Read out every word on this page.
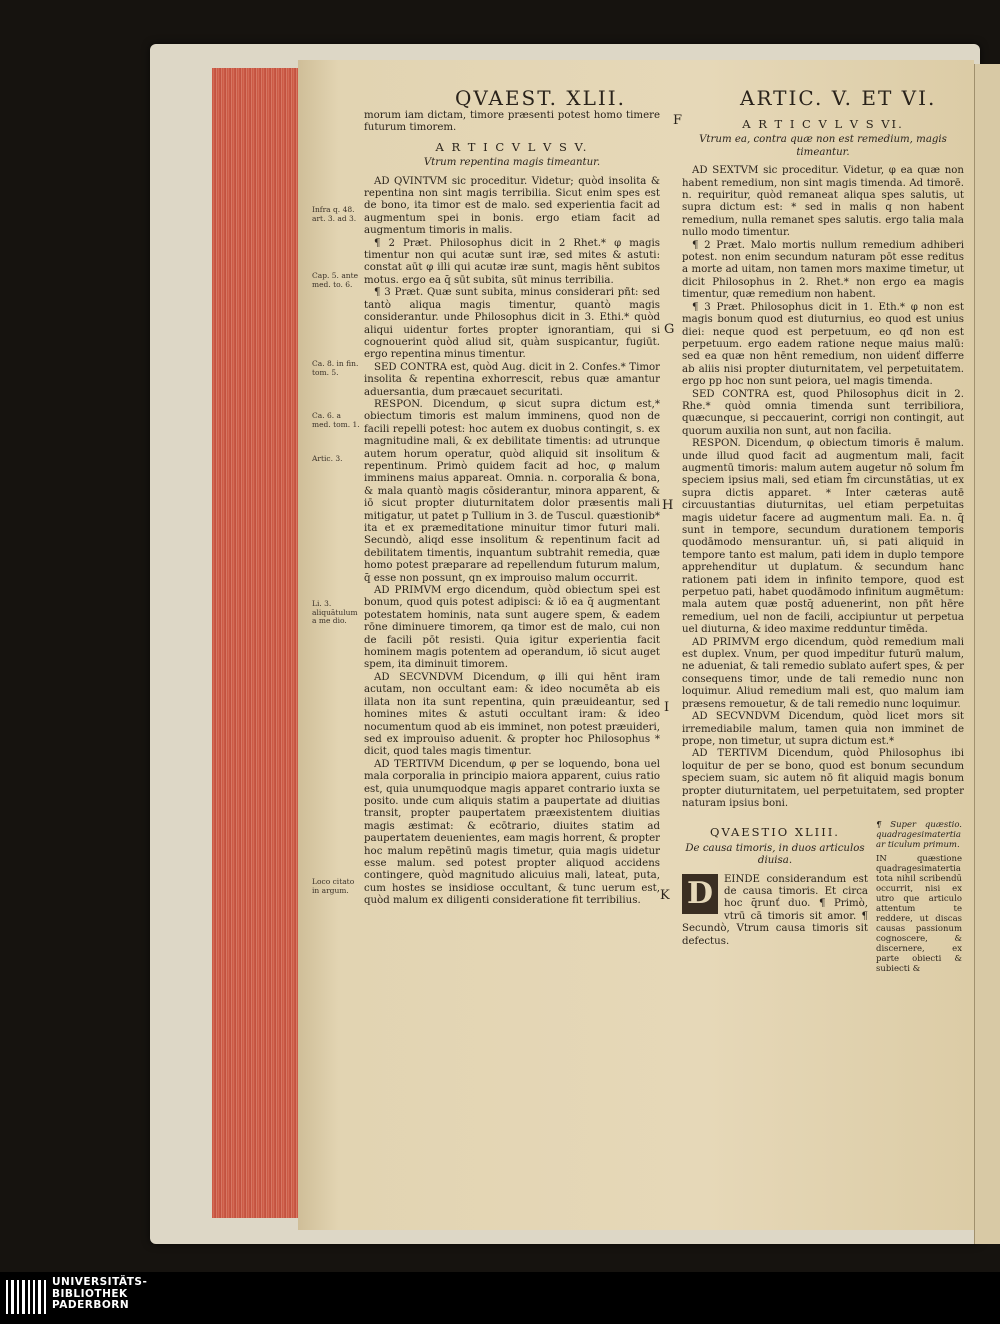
QVAEST. XLII.	ARTIC. V. ET VI.
Infra q. 48. art. 3. ad 3.
Cap. 5. ante med. to. 6.
Ca. 8. in fin. tom. 5.
Ca. 6. a med. tom. 1.
Artic. 3.
Li. 3. aliquātulum a me dio.
Loco citato in argum.
F
G
H
I
K

morum iam dictam, timore præsenti potest homo timere futurum timorem.

A R T I C V L V S V.
Vtrum repentina magis timeantur.

AD QVINTVM sic proceditur. Videtur; quòd insolita & repentina non sint magis terribilia. Sicut enim spes est de bono, ita timor est de malo. sed experientia facit ad augmentum spei in bonis. ergo etiam facit ad augmentum timoris in malis.

¶ 2 Præt. Philosophus dicit in 2 Rhet.* φ magis timentur non qui acutæ sunt iræ, sed mites & astuti: constat aūt φ illi qui acutæ iræ sunt, magis hēnt subitos motus. ergo ea q̄ sūt subita, sūt minus terribilia.

¶ 3 Præt. Quæ sunt subita, minus considerari pñt: sed tantò aliqua magis timentur, quantò magis considerantur. unde Philosophus dicit in 3. Ethi.* quòd aliqui uidentur fortes propter ignorantiam, qui si cognouerint quòd aliud sit, quàm suspicantur, fugiūt. ergo repentina minus timentur.

SED CONTRA est, quòd Aug. dicit in 2. Confes.* Timor insolita & repentina exhorrescit, rebus quæ amantur aduersantia, dum præcauet securitati.

RESPON. Dicendum, φ sicut supra dictum est,* obiectum timoris est malum imminens, quod non de facili repelli potest: hoc autem ex duobus contingit, s. ex magnitudine mali, & ex debilitate timentis: ad utrunque autem horum operatur, quòd aliquid sit insolitum & repentinum. Primò quidem facit ad hoc, φ malum imminens maius appareat. Omnia. n. corporalia & bona, & mala quantò magis cōsiderantur, minora apparent, & iō sicut propter diuturnitatem dolor præsentis mali mitigatur, ut patet p Tullium in 3. de Tuscul. quæstionib* ita et ex præmeditatione minuitur timor futuri mali. Secundò, aliqd esse insolitum & repentinum facit ad debilitatem timentis, inquantum subtrahit remedia, quæ homo potest præparare ad repellendum futurum malum, q̄ esse non possunt, qn ex improuiso malum occurrit.

AD PRIMVM ergo dicendum, quòd obiectum spei est bonum, quod quis potest adipisci: & iō ea q̄ augmentant potestatem hominis, nata sunt augere spem, & eadem rōne diminuere timorem, qa timor est de malo, cui non de facili pōt resisti. Quia igitur experientia facit hominem magis potentem ad operandum, iō sicut auget spem, ita diminuit timorem.

AD SECVNDVM Dicendum, φ illi qui hēnt iram acutam, non occultant eam: & ideo nocumēta ab eis illata non ita sunt repentina, quin præuideantur, sed homines mites & astuti occultant iram: & ideo nocumentum quod ab eis imminet, non potest præuideri, sed ex improuiso aduenit. & propter hoc Philosophus * dicit, quod tales magis timentur.

AD TERTIVM Dicendum, φ per se loquendo, bona uel mala corporalia in principio maiora apparent, cuius ratio est, quia unumquodque magis apparet contrario iuxta se posito. unde cum aliquis statim a paupertate ad diuitias transit, propter paupertatem præexistentem diuitias magis æstimat: & ecōtrario, diuites statim ad paupertatem deuenientes, eam magis horrent, & propter hoc malum repētinū magis timetur, quia magis uidetur esse malum. sed potest propter aliquod accidens contingere, quòd magnitudo alicuius mali, lateat, puta, cum hostes se insidiose occultant, & tunc uerum est, quòd malum ex diligenti consideratione fit terribilius.

A R T I C V L V S VI.
Vtrum ea, contra quæ non est remedium, magis timeantur.

AD SEXTVM sic proceditur. Videtur, φ ea quæ non habent remedium, non sint magis timenda. Ad timorē. n. requiritur, quòd remaneat aliqua spes salutis, ut supra dictum est: * sed in malis q non habent remedium, nulla remanet spes salutis. ergo talia mala nullo modo timentur.

¶ 2 Præt. Malo mortis nullum remedium adhiberi potest. non enim secundum naturam pōt esse reditus a morte ad uitam, non tamen mors maxime timetur, ut dicit Philosophus in 2. Rhet.* non ergo ea magis timentur, quæ remedium non habent.

¶ 3 Præt. Philosophus dicit in 1. Eth.* φ non est magis bonum quod est diuturnius, eo quod est unius diei: neque quod est perpetuum, eo qđ non est perpetuum. ergo eadem ratione neque maius malū: sed ea quæ non hēnt remedium, non uidenť differre ab aliis nisi propter diuturnitatem, vel perpetuitatem. ergo pp hoc non sunt peiora, uel magis timenda.

SED CONTRA est, quod Philosophus dicit in 2. Rhe.* quòd omnia timenda sunt terribiliora, quæcunque, si peccauerint, corrigi non contingit, aut quorum auxilia non sunt, aut non facilia.

RESPON. Dicendum, φ obiectum timoris ē malum. unde illud quod facit ad augmentum mali, facit augmentū timoris: malum autem augetur nō solum f̄m speciem ipsius mali, sed etiam f̄m circunstātias, ut ex supra dictis apparet. * Inter cæteras autē circuustantias diuturnitas, uel etiam perpetuitas magis uidetur facere ad augmentum mali. Ea. n. q̄ sunt in tempore, secundum durationem temporis quodāmodo mensurantur. un̄, si pati aliquid in tempore tanto est malum, pati idem in duplo tempore apprehenditur ut duplatum. & secundum hanc rationem pati idem in infinito tempore, quod est perpetuo pati, habet quodāmodo infinitum augmētum: mala autem quæ postq̄ aduenerint, non pñt hēre remedium, uel non de facili, accipiuntur ut perpetua uel diuturna, & ideo maxime redduntur timēda.

AD PRIMVM ergo dicendum, quòd remedium mali est duplex. Vnum, per quod impeditur futurū malum, ne adueniat, & tali remedio sublato aufert spes, & per consequens timor, unde de tali remedio nunc non loquimur. Aliud remedium mali est, quo malum iam præsens remouetur, & de tali remedio nunc loquimur.

AD SECVNDVM Dicendum, quòd licet mors sit irremediabile malum, tamen quia non imminet de prope, non timetur, ut supra dictum est.*

AD TERTIVM Dicendum, quòd Philosophus ibi loquitur de per se bono, quod est bonum secundum speciem suam, sic autem nō fit aliquid magis bonum propter diuturnitatem, uel perpetuitatem, sed propter naturam ipsius boni.

QVAESTIO XLIII.
De causa timoris, in duos articulos diuisa.
D	EINDE considerandum est de causa timoris. Et circa hoc q̄runť duo. ¶ Primò, vtrū cā timoris sit amor. ¶ Secundò, Vtrum causa timoris sit defectus.

¶ Super quæstio. quadragesimatertia ar ticulum primum.

IN quæstione quadragesimatertia tota nihil scribendū occurrit, nisi ex utro que articulo attentum te reddere, ut discas causas passionum cognoscere, & discernere, ex parte obiecti & subiecti &

UNIVERSITÄTS-
BIBLIOTHEK
PADERBORN
